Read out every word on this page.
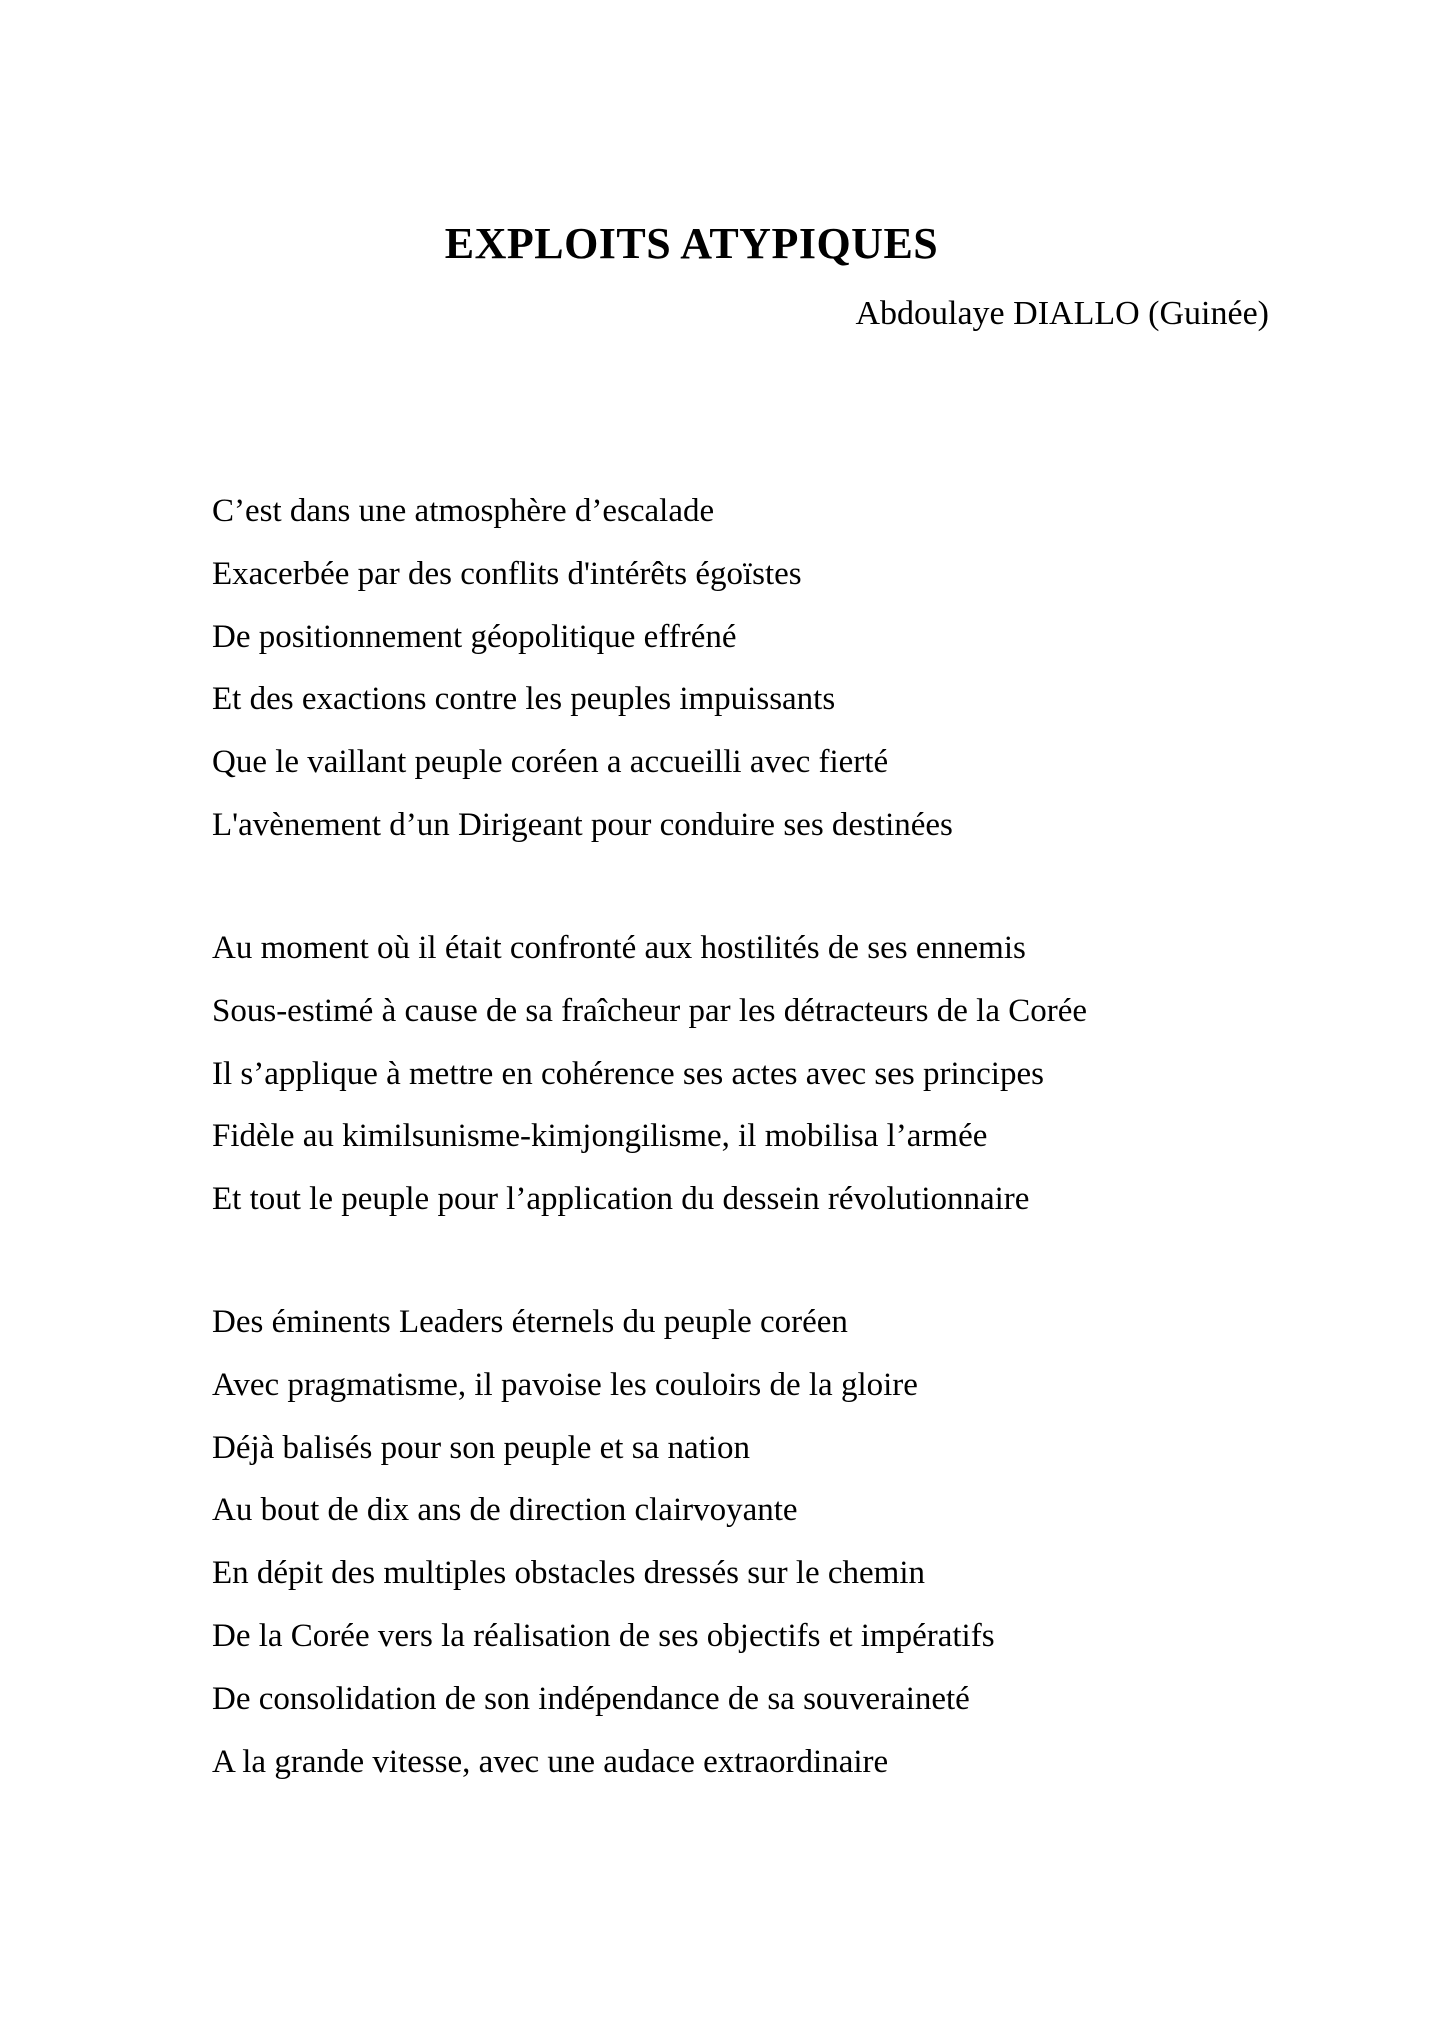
EXPLOITS ATYPIQUES
Abdoulaye DIALLO (Guinée)
C’est dans une atmosphère d’escalade
Exacerbée par des conflits d'intérêts égoïstes
De positionnement géopolitique effréné
Et des exactions contre les peuples impuissants
Que le vaillant peuple coréen a accueilli avec fierté
L'avènement d’un Dirigeant pour conduire ses destinées
Au moment où il était confronté aux hostilités de ses ennemis
Sous-estimé à cause de sa fraîcheur par les détracteurs de la Corée
Il s’applique à mettre en cohérence ses actes avec ses principes
Fidèle au kimilsunisme-kimjongilisme, il mobilisa l’armée
Et tout le peuple pour l’application du dessein révolutionnaire
Des éminents Leaders éternels du peuple coréen
Avec pragmatisme, il pavoise les couloirs de la gloire
Déjà balisés pour son peuple et sa nation
Au bout de dix ans de direction clairvoyante
En dépit des multiples obstacles dressés sur le chemin
De la Corée vers la réalisation de ses objectifs et impératifs
De consolidation de son indépendance de sa souveraineté
A la grande vitesse, avec une audace extraordinaire
